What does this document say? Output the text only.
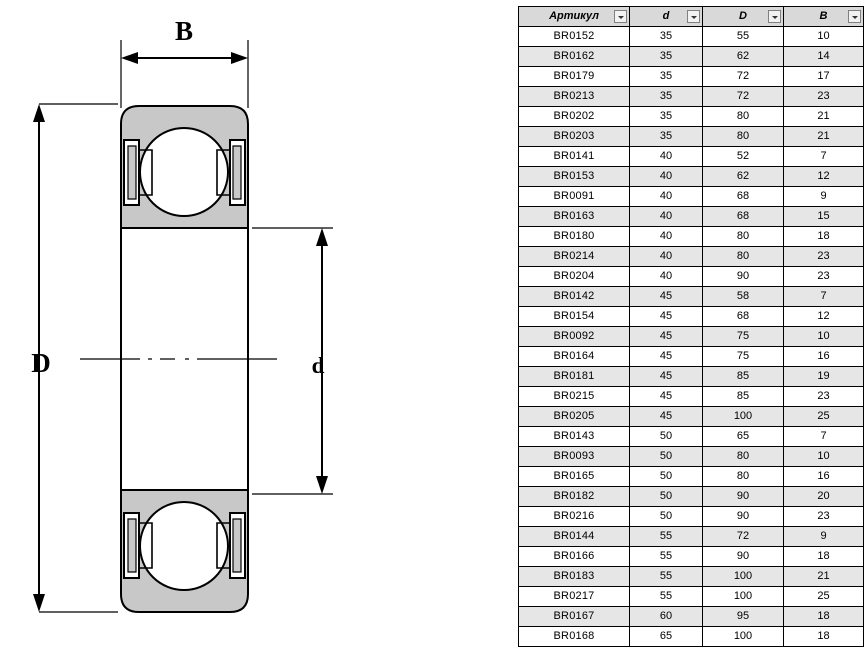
B
D	d
Артикул	d	D	B

BR0152	35	55	10
BR0162	35	62	14
BR0179	35	72	17
BR0213	35	72	23
BR0202	35	80	21
BR0203	35	80	21
BR0141	40	52	7
BR0153	40	62	12
BR0091	40	68	9
BR0163	40	68	15
BR0180	40	80	18
BR0214	40	80	23
BR0204	40	90	23
BR0142	45	58	7
BR0154	45	68	12
BR0092	45	75	10
BR0164	45	75	16
BR0181	45	85	19
BR0215	45	85	23
BR0205	45	100	25
BR0143	50	65	7
BR0093	50	80	10
BR0165	50	80	16
BR0182	50	90	20
BR0216	50	90	23
BR0144	55	72	9
BR0166	55	90	18
BR0183	55	100	21
BR0217	55	100	25
BR0167	60	95	18
BR0168	65	100	18
